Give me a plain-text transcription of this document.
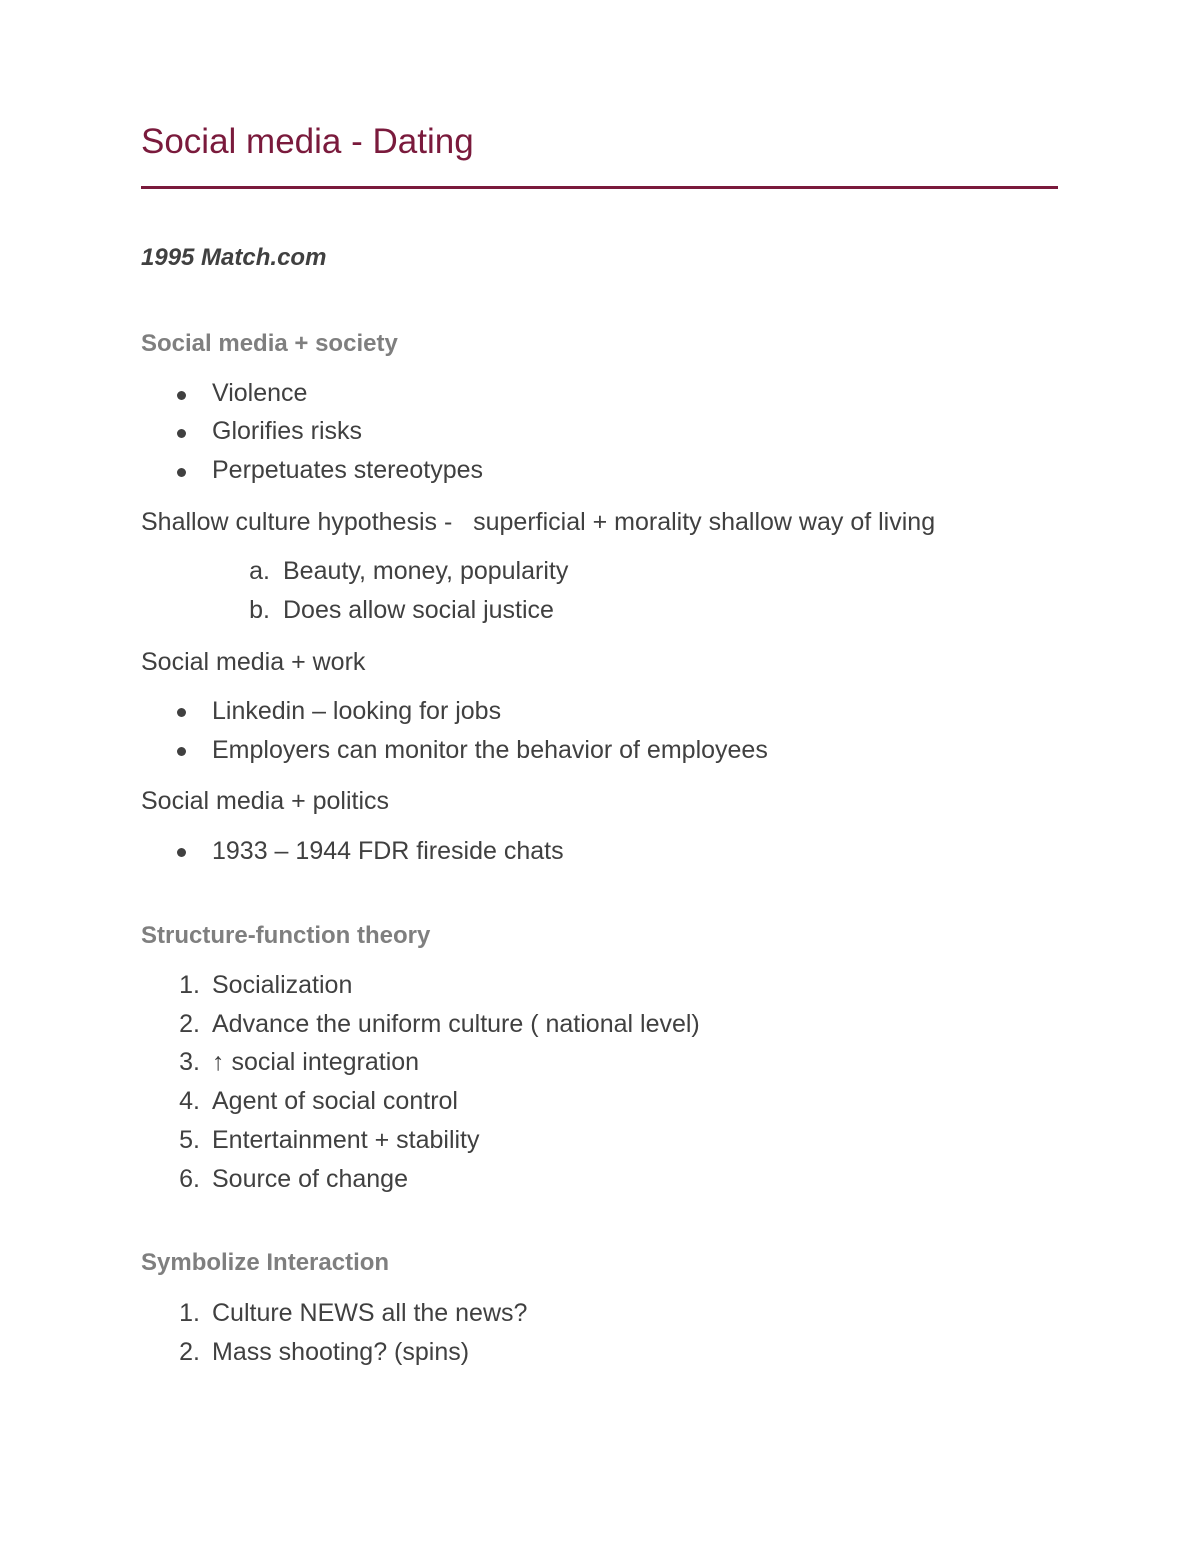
Social media - Dating
1995 Match.com
Social media + society
Violence
Glorifies risks
Perpetuates stereotypes
Shallow culture hypothesis -   superficial + morality shallow way of living
a. Beauty, money, popularity
b. Does allow social justice
Social media + work
Linkedin – looking for jobs
Employers can monitor the behavior of employees
Social media + politics
1933 – 1944 FDR fireside chats
Structure-function theory
1. Socialization
2. Advance the uniform culture ( national level)
3. ↑ social integration
4. Agent of social control
5. Entertainment + stability
6. Source of change
Symbolize Interaction
1. Culture NEWS all the news?
2. Mass shooting? (spins)
